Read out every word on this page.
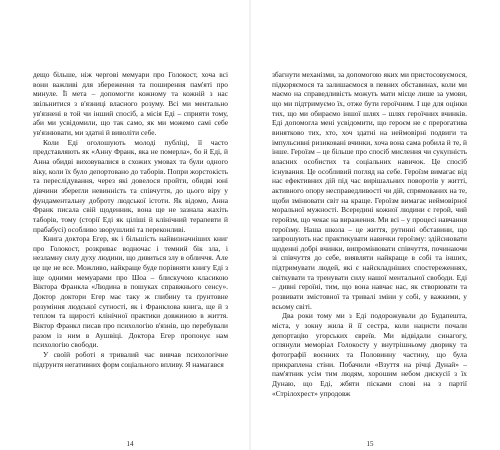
дещо більше, ніж чергові мемуари про Голокост, хоча всі вони важливі для збереження та поширення пам'яті про минуле. Її мета – допомогти кожному та кожній з нас звільнитися з в'язниці власного розуму. Всі ми ментально ув'язнені в той чи інший спосіб, а місія Еді – сприяти тому, аби ми усвідомили, що так само, як ми можемо самі себе ув'язнювати, ми здатні й виволіти себе.

Коли Еді оголошують молоді публіці, її часто представляють як «Анну Франк, яка не померла», бо й Еді, й Анна обидві виховувалися в схожих умовах та були одного віку, коли їх було депортовано до таборів. Попри жорстокість та переслідування, через які довелося пройти, обидві юні дівчини зберегли невинність та співчуття, до цього віру у фундаментальну доброту людської істоти. Як відомо, Анна Франк писала свій щоденник, вона ще не зазнала жахіть таборів, тому (сторії Еді як ціліші й клінічний терапевти й прабабусі) особливо зворушливі та переконливі.

Книга доктора Егер, як і більшість найвизначніших книг про Голокост, розкриває водночас і темний бік зла, і незламну силу духу людини, що дивиться злу в обличчя. Але це ще не все. Можливо, найкраще буде порівняти книгу Еді з іще одними мемуарами про Шоа – блискучою класикою Віктора Франкла «Людина в пошуках справжнього сенсу». Доктор доктори Егер має таку ж глибину та ґрунтовне розуміння людської сутності, як і Франклова книга, ще й з теплом та щирості клінічної практики довжиною в життя. Віктор Франкл писав про психологію в'язнів, що перебували разом із ним в Аушвіці. Доктора Егер пропонує нам психологію свободи.

У своїй роботі я тривалий час вивчав психологічне підґрунтя негативних форм соціального впливу. Я намагався

збагнути механізми, за допомогою яких ми пристосовуємося, підкоряємося та залишаємося в певних обставинах, коли ми маємо на справедливість можуть мати місце лише за умови, що ми підтримуємо їх, отже бути героїчним. І ще для оцінки тих, що ми обираємо іншої шлях – шлях героїчних вчинків. Еді допомогла мені усвідомити, що героєм не є прерогатива винятково тих, хто, хоч здатні на неймовірні подвиги та імпульсивні ризиковані вчинки, хоча вона сама робила й те, й інше. Героїзм – це більше про спосіб мислення чи сукупність власних особистих та соціальних навичок. Це спосіб існування. Це особливий погляд на себе. Героїзм вимагає від нас ефективних дій під час вирішальних поворотів у житті, активного опору несправедливості чи дій, спрямованих на те, щоби змінювати світ на краще. Героїзм вимагає неймовірної моральної мужності. Всередині кожної людини є герой, чий геройзм, що чекає на вираження. Ми всі – у процесі навчання героїзму. Наша школа – це життя, рутинні обставини, що запрошують нас практикувати навички героїзму: здійснювати щоденні добрі вчинки, випромінювати співчуття, починаючи зі співчуття до себе, виявляти найкраще в собі та інших, підтримувати людей, які є найскладніших спостереженнях, світкувати та тренувати силу нашої ментальної свободи. Еді – дивні героїні, тим, що вона навчає нас, як створювати та розвивати змістовної та тривалі зміни у собі, у важкими, у всьому світі.

Два роки тому ми з Еді подорожували до Будапешта, міста, у зокну жила й її сестра, коли нацисти почали депортацію угорських євреїв. Ми відвідали синагогу, оглянули меморіал Голокосту у внутрішньому дворику та фотографії воєнних та Половинну частину, що була прикраплена стіни. Побачили «Взуття на річці Дунай» – пам'ятник усім тим людям, хорошим небом дискусії з їх Дунаю, що Еді, жбяти пісками слові на з партії «Стрілохрест» упродовж

14	15
